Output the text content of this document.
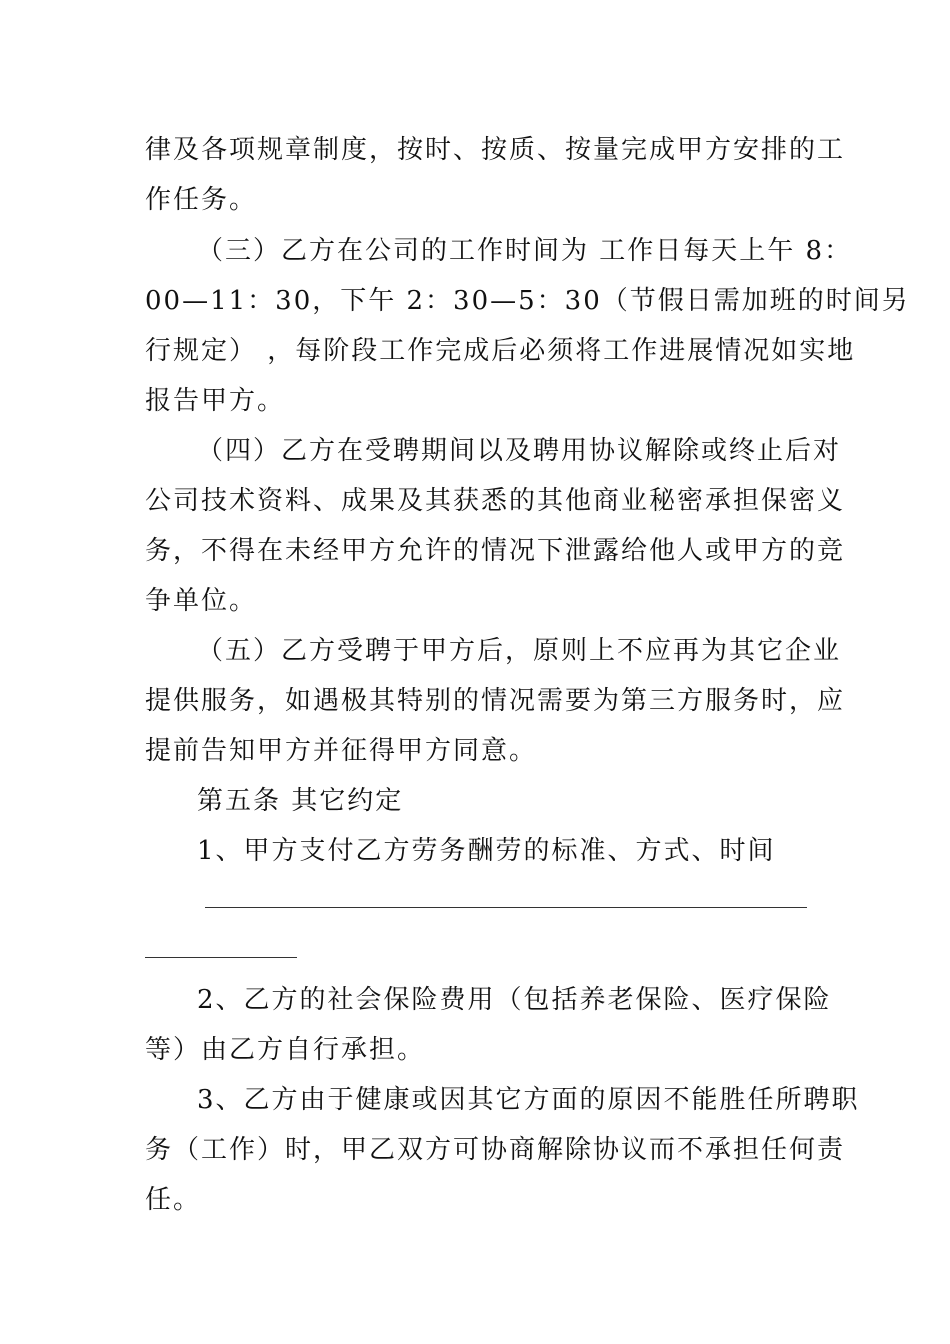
律及各项规章制度，按时、按质、按量完成甲方安排的工
作任务。
（三）乙方在公司的工作时间为 工作日每天上午 8：
00—11：30，下午 2：30—5：30（节假日需加班的时间另
行规定） ，每阶段工作完成后必须将工作进展情况如实地
报告甲方。
（四）乙方在受聘期间以及聘用协议解除或终止后对
公司技术资料、成果及其获悉的其他商业秘密承担保密义
务，不得在未经甲方允许的情况下泄露给他人或甲方的竞
争单位。
（五）乙方受聘于甲方后，原则上不应再为其它企业
提供服务，如遇极其特别的情况需要为第三方服务时，应
提前告知甲方并征得甲方同意。
第五条 其它约定
1、甲方支付乙方劳务酬劳的标准、方式、时间
2、乙方的社会保险费用（包括养老保险、医疗保险
等）由乙方自行承担。
3、乙方由于健康或因其它方面的原因不能胜任所聘职
务（工作）时，甲乙双方可协商解除协议而不承担任何责
任。
